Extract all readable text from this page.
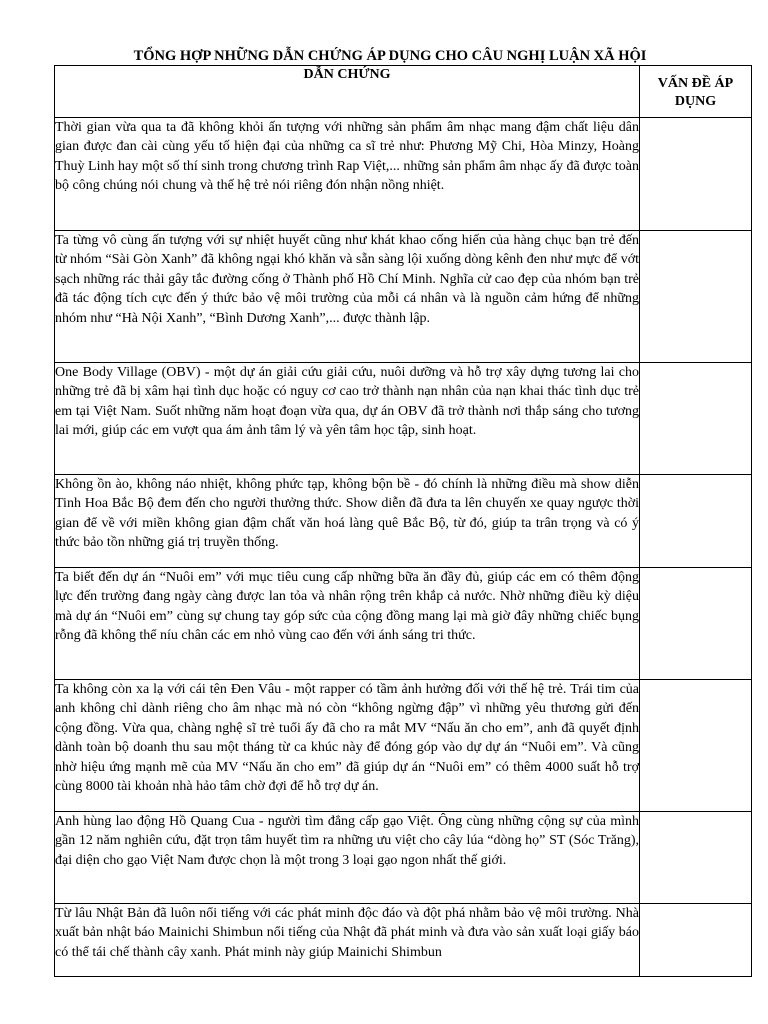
TỔNG HỢP NHỮNG DẪN CHỨNG ÁP DỤNG CHO CÂU NGHỊ LUẬN XÃ HỘI
DẪN CHỨNG	VẤN ĐỀ ÁP DỤNG
Thời gian vừa qua ta đã không khỏi ấn tượng với những sản phẩm âm nhạc mang đậm chất liệu dân gian được đan cài cùng yếu tố hiện đại của những ca sĩ trẻ như: Phương Mỹ Chi, Hòa Minzy, Hoàng Thuỳ Linh hay một số thí sinh trong chương trình Rap Việt,... những sản phẩm âm nhạc ấy đã được toàn bộ công chúng nói chung và thế hệ trẻ nói riêng đón nhận nồng nhiệt.	
Ta từng vô cùng ấn tượng với sự nhiệt huyết cũng như khát khao cống hiến của hàng chục bạn trẻ đến từ nhóm “Sài Gòn Xanh” đã không ngại khó khăn và sẵn sàng lội xuống dòng kênh đen như mực để vớt sạch những rác thải gây tắc đường cống ở Thành phố Hồ Chí Minh. Nghĩa cử cao đẹp của nhóm bạn trẻ đã tác động tích cực đến ý thức bảo vệ môi trường của mỗi cá nhân và là nguồn cảm hứng để những nhóm như “Hà Nội Xanh”, “Bình Dương Xanh”,... được thành lập.	
One Body Village (OBV) - một dự án giải cứu giải cứu, nuôi dưỡng và hỗ trợ xây dựng tương lai cho những trẻ đã bị xâm hại tình dục hoặc có nguy cơ cao trở thành nạn nhân của nạn khai thác tình dục trẻ em tại Việt Nam. Suốt những năm hoạt đoạn vừa qua, dự án OBV đã trở thành nơi thắp sáng cho tương lai mới, giúp các em vượt qua ám ảnh tâm lý và yên tâm học tập, sinh hoạt.	
Không ồn ào, không náo nhiệt, không phức tạp, không bộn bề - đó chính là những điều mà show diễn Tinh Hoa Bắc Bộ đem đến cho người thưởng thức. Show diễn đã đưa ta lên chuyến xe quay ngược thời gian để về với miền không gian đậm chất văn hoá làng quê Bắc Bộ, từ đó, giúp ta trân trọng và có ý thức bảo tồn những giá trị truyền thống.	
Ta biết đến dự án “Nuôi em” với mục tiêu cung cấp những bữa ăn đầy đủ, giúp các em có thêm động lực đến trường đang ngày càng được lan tỏa và nhân rộng trên khắp cả nước. Nhờ những điều kỳ diệu mà dự án “Nuôi em” cùng sự chung tay góp sức của cộng đồng mang lại mà giờ đây những chiếc bụng rỗng đã không thể níu chân các em nhỏ vùng cao đến với ánh sáng tri thức.	
Ta không còn xa lạ với cái tên Đen Vâu - một rapper có tầm ảnh hưởng đối với thế hệ trẻ. Trái tim của anh không chỉ dành riêng cho âm nhạc mà nó còn “không ngừng đập” vì những yêu thương gửi đến cộng đồng. Vừa qua, chàng nghệ sĩ trẻ tuổi ấy đã cho ra mắt MV “Nấu ăn cho em”, anh đã quyết định dành toàn bộ doanh thu sau một tháng từ ca khúc này để đóng góp vào dự dự án “Nuôi em”. Và cũng nhờ hiệu ứng mạnh mẽ của MV “Nấu ăn cho em” đã giúp dự án “Nuôi em” có thêm 4000 suất hỗ trợ cùng 8000 tài khoản nhà hảo tâm chờ đợi để hỗ trợ dự án.	
Anh hùng lao động Hồ Quang Cua - người tìm đẳng cấp gạo Việt. Ông cùng những cộng sự của mình gần 12 năm nghiên cứu, đặt trọn tâm huyết tìm ra những ưu việt cho cây lúa “dòng họ” ST (Sóc Trăng), đại diện cho gạo Việt Nam được chọn là một trong 3 loại gạo ngon nhất thế giới.	
Từ lâu Nhật Bản đã luôn nổi tiếng với các phát minh độc đáo và đột phá nhằm bảo vệ môi trường. Nhà xuất bản nhật báo Mainichi Shimbun nổi tiếng của Nhật đã phát minh và đưa vào sản xuất loại giấy báo có thể tái chế thành cây xanh. Phát minh này giúp Mainichi Shimbun	
